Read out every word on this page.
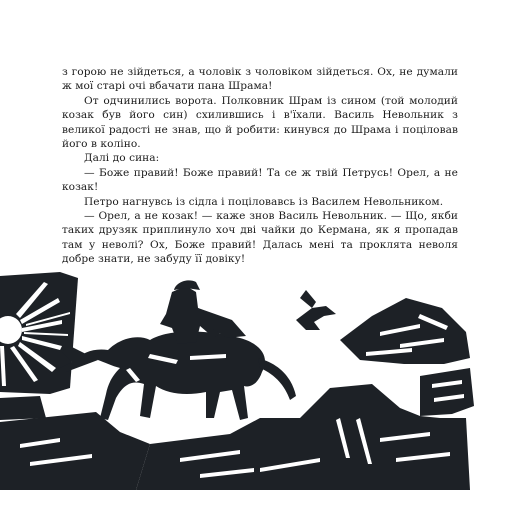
з горою не зійдеться, а чоловік з чоловіком зійдеться. Ох, не думали ж мої старі очі вбачати пана Шрама!

От одчинились ворота. Полковник Шрам із сином (той молодий козак був його син) схилившись і в'їхали. Василь Невольник з великої радості не знав, що й робити: кинувся до Шрама і поціловав його в коліно.

Далі до сина:

— Боже правий! Боже правий! Та се ж твій Петрусь! Орел, а не козак!

Петро нагнувсь із сідла і поціловавсь із Василем Невольником.

— Орел, а не козак! — каже знов Василь Невольник. — Що, якби таких друзяк приплинуло хоч дві чайки до Кермана, як я пропадав там у неволі? Ох, Боже правий! Далась мені та проклята неволя добре знати, не забуду її довіку!
